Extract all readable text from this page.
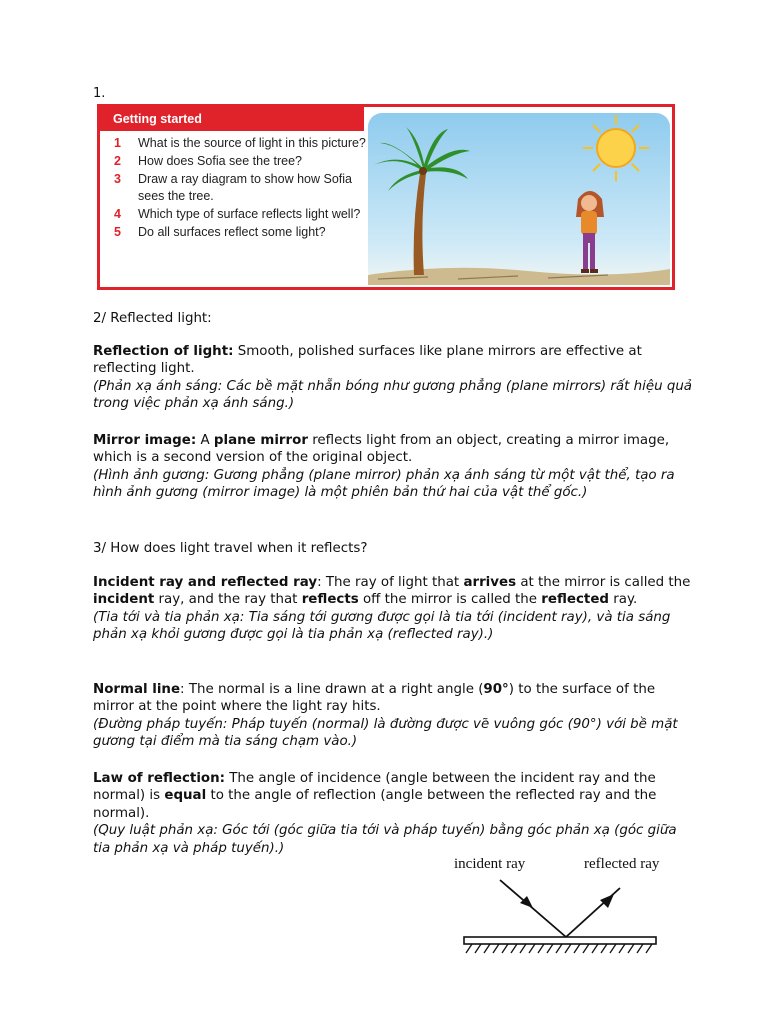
1.
Getting started
1 What is the source of light in this picture?
2 How does Sofia see the tree?
3 Draw a ray diagram to show how Sofia sees the tree.
4 Which type of surface reflects light well?
5 Do all surfaces reflect some light?

2/ Reflected light:

Reflection of light: Smooth, polished surfaces like plane mirrors are effective at reflecting light.
(Phản xạ ánh sáng: Các bề mặt nhẵn bóng như gương phẳng (plane mirrors) rất hiệu quả trong việc phản xạ ánh sáng.)

Mirror image: A plane mirror reflects light from an object, creating a mirror image, which is a second version of the original object.
(Hình ảnh gương: Gương phẳng (plane mirror) phản xạ ánh sáng từ một vật thể, tạo ra hình ảnh gương (mirror image) là một phiên bản thứ hai của vật thể gốc.)

3/ How does light travel when it reflects?

Incident ray and reflected ray: The ray of light that arrives at the mirror is called the incident ray, and the ray that reflects off the mirror is called the reflected ray.
(Tia tới và tia phản xạ: Tia sáng tới gương được gọi là tia tới (incident ray), và tia sáng phản xạ khỏi gương được gọi là tia phản xạ (reflected ray).)

Normal line: The normal is a line drawn at a right angle (90°) to the surface of the mirror at the point where the light ray hits.
(Đường pháp tuyến: Pháp tuyến (normal) là đường được vẽ vuông góc (90°) với bề mặt gương tại điểm mà tia sáng chạm vào.)

Law of reflection: The angle of incidence (angle between the incident ray and the normal) is equal to the angle of reflection (angle between the reflected ray and the normal).
(Quy luật phản xạ: Góc tới (góc giữa tia tới và pháp tuyến) bằng góc phản xạ (góc giữa tia phản xạ và pháp tuyến).)

incident ray	reflected ray
